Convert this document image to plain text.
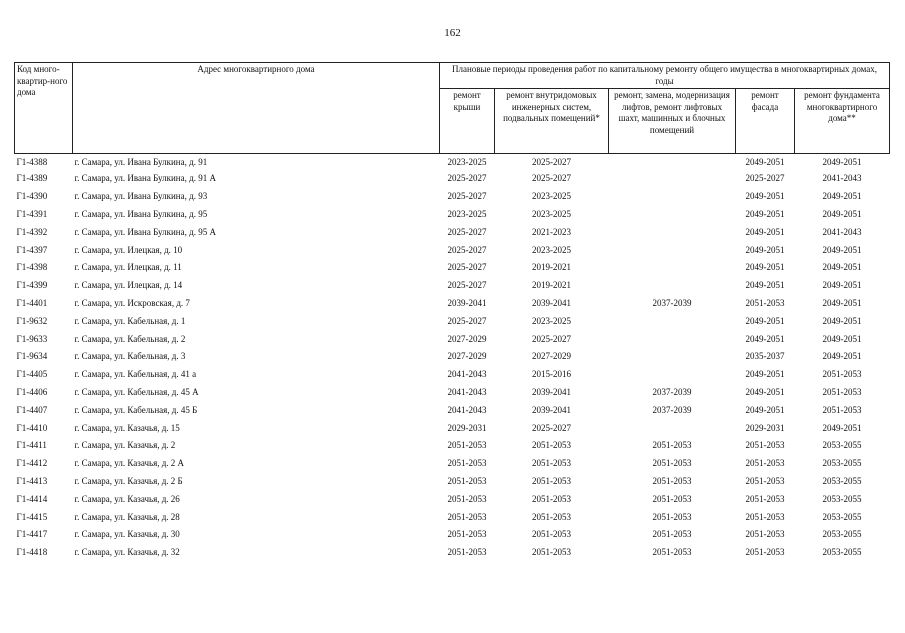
162
Код много-квартир-ного дома	Адрес многоквартирного дома	Плановые периоды проведения работ по капитальному ремонту общего имущества в многоквартирных домах, годы				
		ремонт крыши	ремонт внутридомовых инженерных систем, подвальных помещений*	ремонт, замена, модернизация лифтов, ремонт лифтовых шахт, машинных и блочных помещений	ремонт фасада	ремонт фундамента многоквартирного дома**
Г1-4388	г. Самара, ул. Ивана Булкина, д. 91	2023-2025	2025-2027		2049-2051	2049-2051
Г1-4389	г. Самара, ул. Ивана Булкина, д. 91 А	2025-2027	2025-2027		2025-2027	2041-2043
Г1-4390	г. Самара, ул. Ивана Булкина, д. 93	2025-2027	2023-2025		2049-2051	2049-2051
Г1-4391	г. Самара, ул. Ивана Булкина, д. 95	2023-2025	2023-2025		2049-2051	2049-2051
Г1-4392	г. Самара, ул. Ивана Булкина, д. 95 А	2025-2027	2021-2023		2049-2051	2041-2043
Г1-4397	г. Самара, ул. Илецкая, д. 10	2025-2027	2023-2025		2049-2051	2049-2051
Г1-4398	г. Самара, ул. Илецкая, д. 11	2025-2027	2019-2021		2049-2051	2049-2051
Г1-4399	г. Самара, ул. Илецкая, д. 14	2025-2027	2019-2021		2049-2051	2049-2051
Г1-4401	г. Самара, ул. Искровская, д. 7	2039-2041	2039-2041	2037-2039	2051-2053	2049-2051
Г1-9632	г. Самара, ул. Кабельная, д. 1	2025-2027	2023-2025		2049-2051	2049-2051
Г1-9633	г. Самара, ул. Кабельная, д. 2	2027-2029	2025-2027		2049-2051	2049-2051
Г1-9634	г. Самара, ул. Кабельная, д. 3	2027-2029	2027-2029		2035-2037	2049-2051
Г1-4405	г. Самара, ул. Кабельная, д. 41 а	2041-2043	2015-2016		2049-2051	2051-2053
Г1-4406	г. Самара, ул. Кабельная, д. 45 А	2041-2043	2039-2041	2037-2039	2049-2051	2051-2053
Г1-4407	г. Самара, ул. Кабельная, д. 45 Б	2041-2043	2039-2041	2037-2039	2049-2051	2051-2053
Г1-4410	г. Самара, ул. Казачья, д. 15	2029-2031	2025-2027		2029-2031	2049-2051
Г1-4411	г. Самара, ул. Казачья, д. 2	2051-2053	2051-2053	2051-2053	2051-2053	2053-2055
Г1-4412	г. Самара, ул. Казачья, д. 2 А	2051-2053	2051-2053	2051-2053	2051-2053	2053-2055
Г1-4413	г. Самара, ул. Казачья, д. 2 Б	2051-2053	2051-2053	2051-2053	2051-2053	2053-2055
Г1-4414	г. Самара, ул. Казачья, д. 26	2051-2053	2051-2053	2051-2053	2051-2053	2053-2055
Г1-4415	г. Самара, ул. Казачья, д. 28	2051-2053	2051-2053	2051-2053	2051-2053	2053-2055
Г1-4417	г. Самара, ул. Казачья, д. 30	2051-2053	2051-2053	2051-2053	2051-2053	2053-2055
Г1-4418	г. Самара, ул. Казачья, д. 32	2051-2053	2051-2053	2051-2053	2051-2053	2053-2055
